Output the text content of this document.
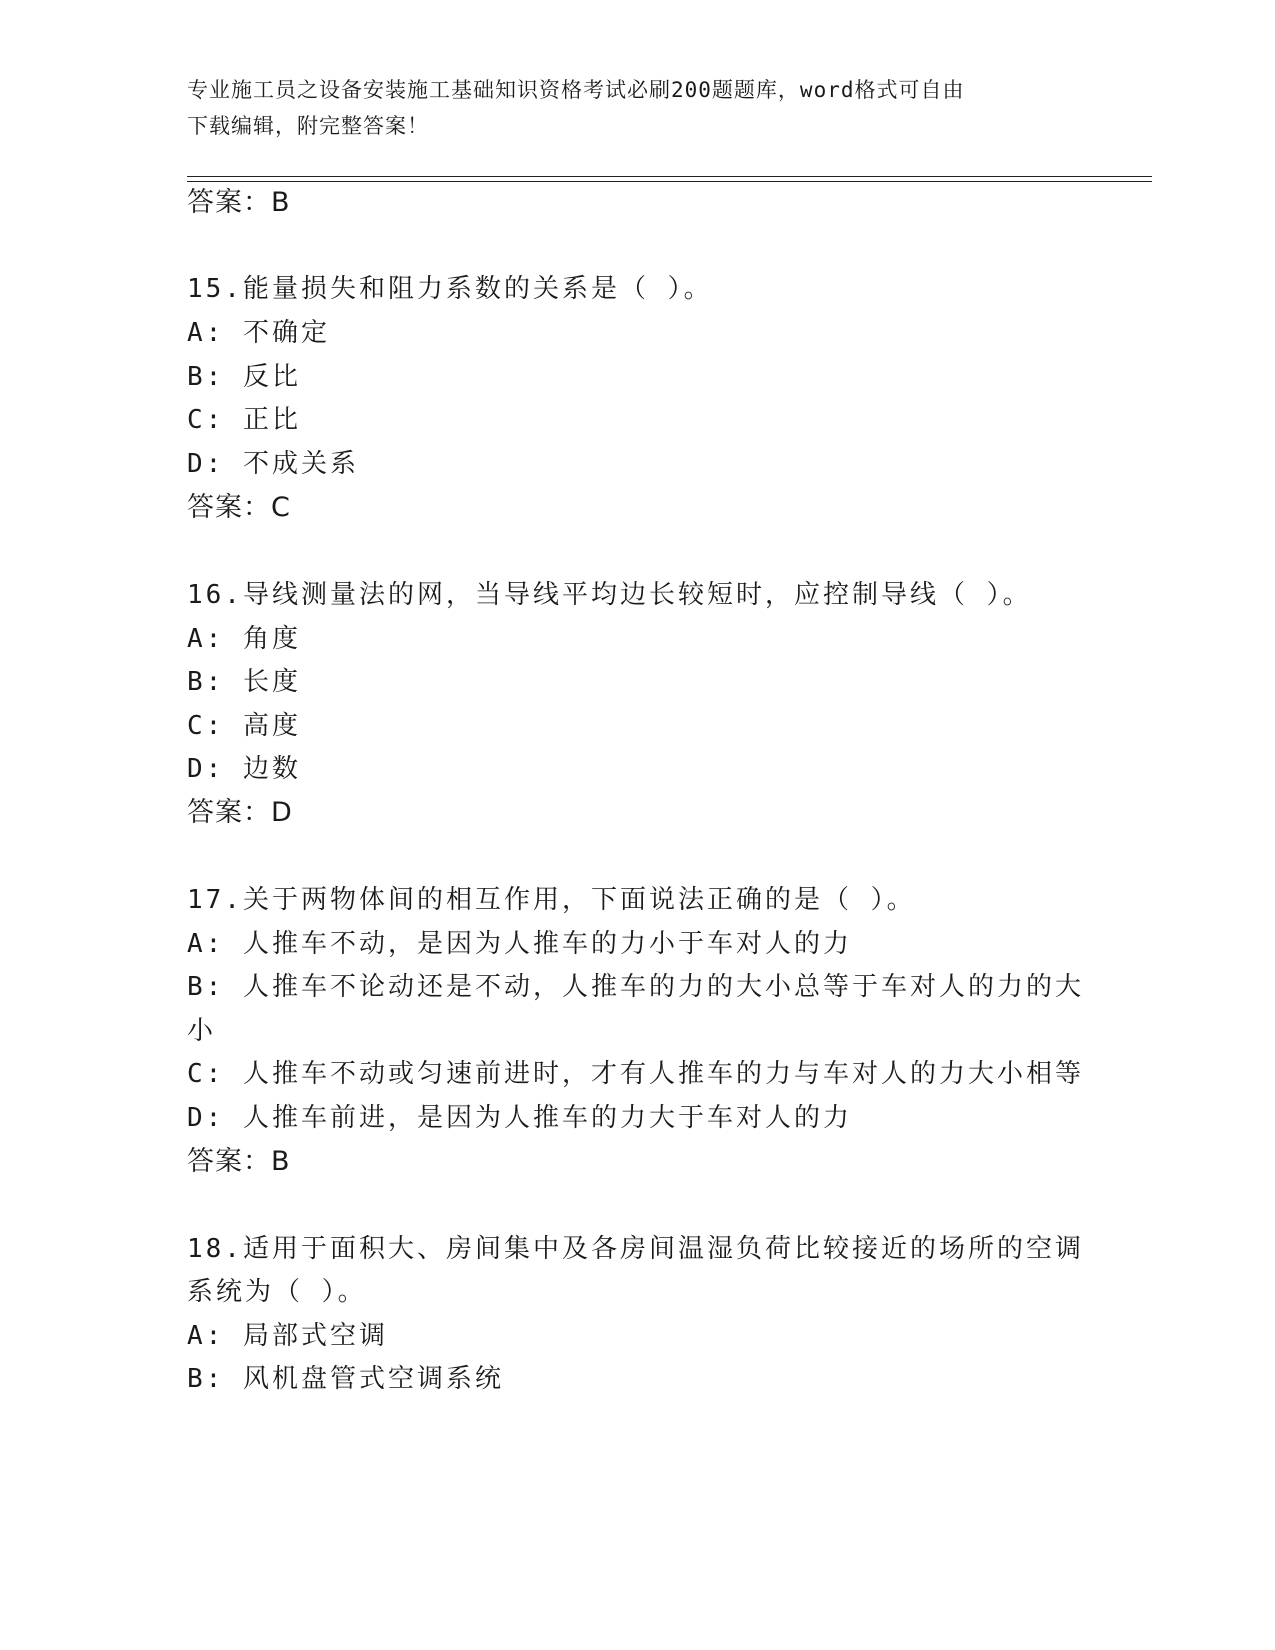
专业施工员之设备安装施工基础知识资格考试必刷200题题库，word格式可自由
下载编辑，附完整答案！
答案：B
15.能量损失和阻力系数的关系是（ ）。
A: 不确定
B: 反比
C: 正比
D: 不成关系
答案：C
16.导线测量法的网，当导线平均边长较短时，应控制导线（ ）。
A: 角度
B: 长度
C: 高度
D: 边数
答案：D
17.关于两物体间的相互作用，下面说法正确的是（ ）。
A: 人推车不动，是因为人推车的力小于车对人的力
B: 人推车不论动还是不动，人推车的力的大小总等于车对人的力的大
小
C: 人推车不动或匀速前进时，才有人推车的力与车对人的力大小相等
D: 人推车前进，是因为人推车的力大于车对人的力
答案：B
18.适用于面积大、房间集中及各房间温湿负荷比较接近的场所的空调
系统为（ ）。
A: 局部式空调
B: 风机盘管式空调系统
